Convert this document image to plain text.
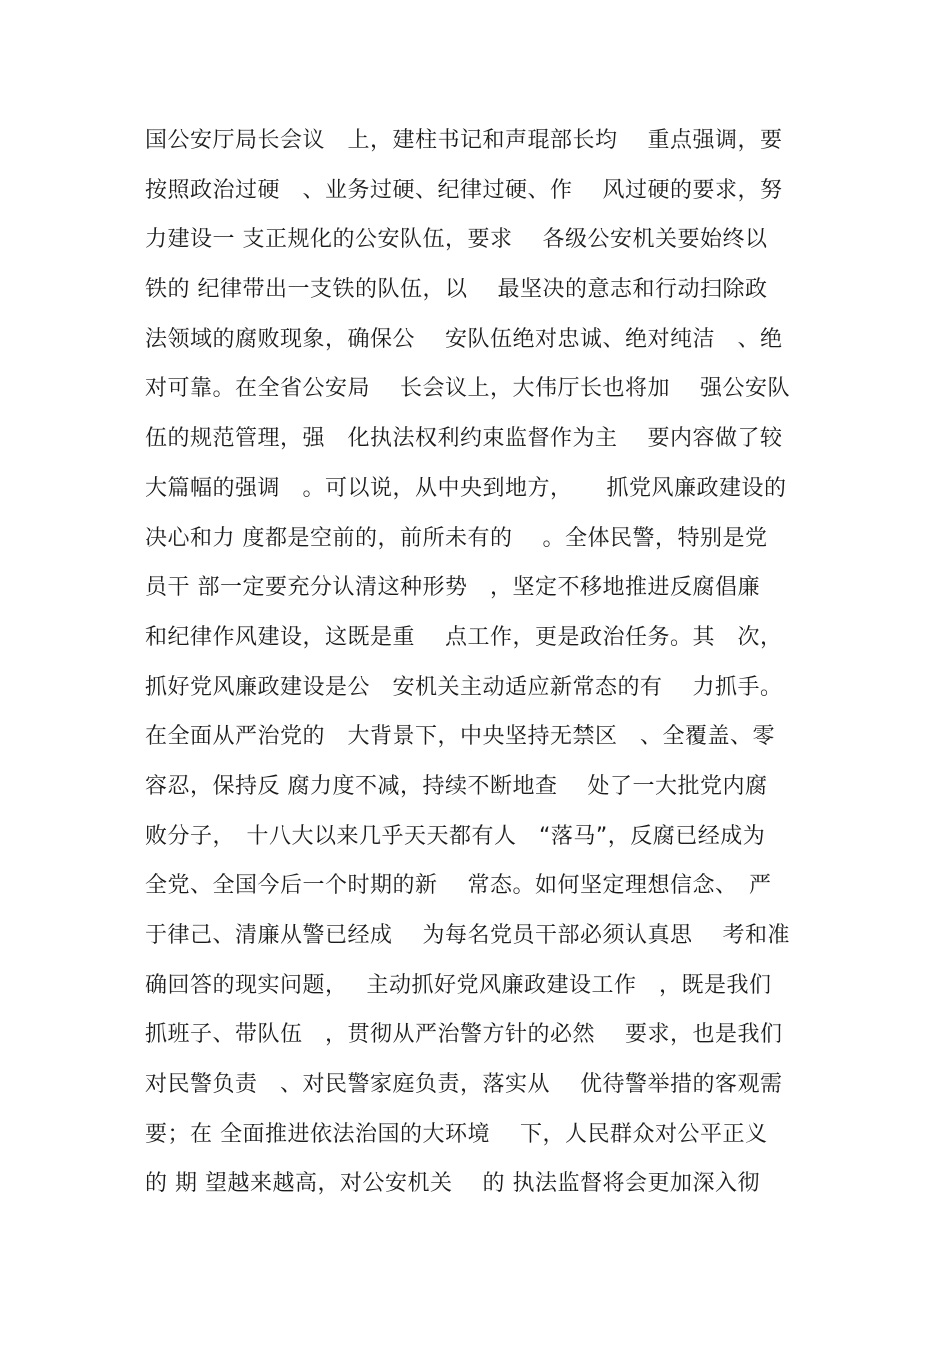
国公安厅局长会议　上，建柱书记和声琨部长均　 重点强调，要
按照政治过硬　、业务过硬、纪律过硬、作　 风过硬的要求，努
力建设一 支正规化的公安队伍，要求　 各级公安机关要始终以
铁的 纪律带出一支铁的队伍，以　 最坚决的意志和行动扫除政
法领域的腐败现象，确保公　 安队伍绝对忠诚、绝对纯洁　、绝
对可靠。在全省公安局　 长会议上，大伟厅长也将加　 强公安队
伍的规范管理，强　化执法权利约束监督作为主　 要内容做了较
大篇幅的强调　。可以说，从中央到地方，　　抓党风廉政建设的
决心和力 度都是空前的，前所未有的　 。全体民警，特别是党
员干 部一定要充分认清这种形势　，坚定不移地推进反腐倡廉
和纪律作风建设，这既是重　 点工作，更是政治任务。其　次，
抓好党风廉政建设是公　安机关主动适应新常态的有　 力抓手。
在全面从严治党的　大背景下，中央坚持无禁区　、全覆盖、零
容忍，保持反 腐力度不减，持续不断地查　 处了一大批党内腐
败分子，　十八大以来几乎天天都有人　“落马”，反腐已经成为
全党、全国今后一个时期的新　 常态。如何坚定理想信念、　严
于律己、清廉从警已经成　 为每名党员干部必须认真思　 考和准
确回答的现实问题，　 主动抓好党风廉政建设工作　，既是我们
抓班子、带队伍　，贯彻从严治警方针的必然　 要求，也是我们
对民警负责　、对民警家庭负责，落实从　 优待警举措的客观需
要；在 全面推进依法治国的大环境　 下，人民群众对公平正义
的 期 望越来越高，对公安机关　 的 执法监督将会更加深入彻
